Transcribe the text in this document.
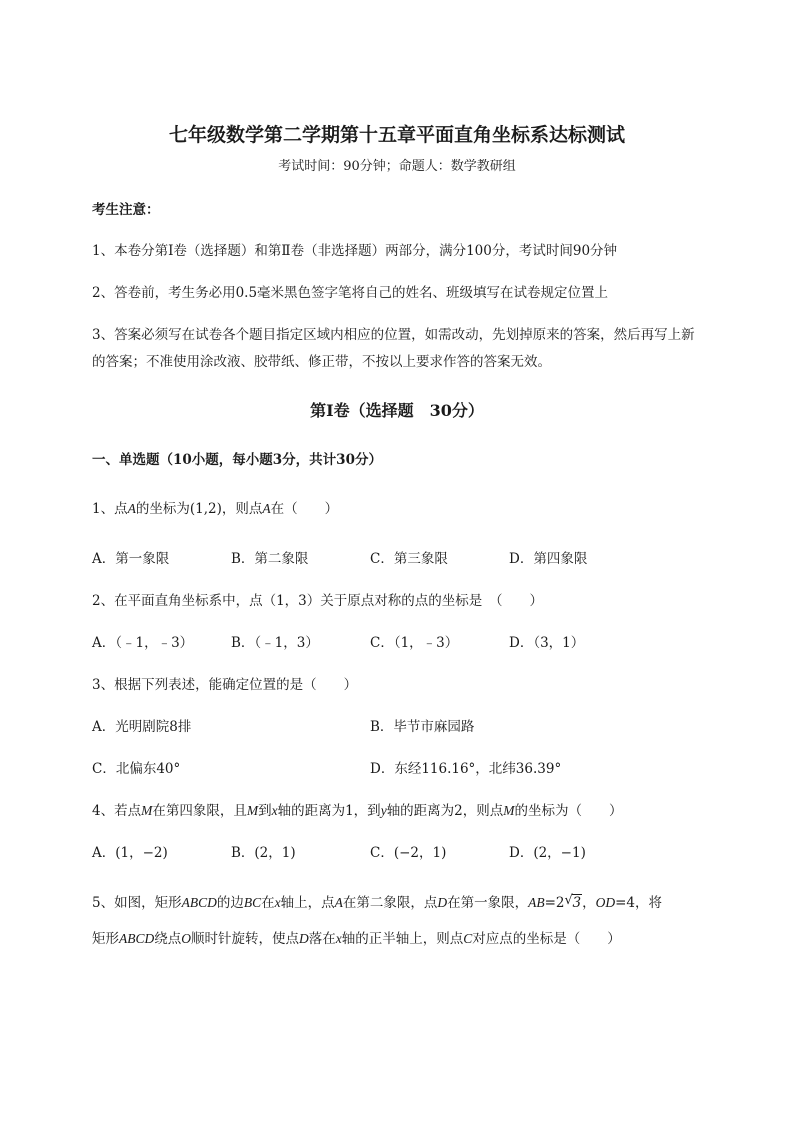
七年级数学第二学期第十五章平面直角坐标系达标测试
考试时间：90分钟；命题人：数学教研组
考生注意：
1、本卷分第I卷（选择题）和第Ⅱ卷（非选择题）两部分，满分100分，考试时间90分钟
2、答卷前，考生务必用0.5毫米黑色签字笔将自己的姓名、班级填写在试卷规定位置上
3、答案必须写在试卷各个题目指定区域内相应的位置，如需改动，先划掉原来的答案，然后再写上新
的答案；不准使用涂改液、胶带纸、修正带，不按以上要求作答的答案无效。
第I卷（选择题　30分）
一、单选题（10小题，每小题3分，共计30分）
1、点A的坐标为(1,2)，则点A在（　　）
A．第一象限	B．第二象限	C．第三象限	D．第四象限
2、在平面直角坐标系中，点（1，3）关于原点对称的点的坐标是　（　　）
A．（﹣1，﹣3）	B．（﹣1，3）	C．（1，﹣3）	D．（3，1）
3、根据下列表述，能确定位置的是（　　）
A．光明剧院8排	B．毕节市麻园路
C．北偏东40°	D．东经116.16°，北纬36.39°
4、若点M在第四象限，且M到x轴的距离为1，到y轴的距离为2，则点M的坐标为（　　）
A．(1，−2)	B．(2，1)	C．(−2，1)	D．(2，−1)
5、如图，矩形ABCD的边BC在x轴上，点A在第二象限，点D在第一象限，AB=2 √ 3，OD=4，将
矩形ABCD绕点O顺时针旋转，使点D落在x轴的正半轴上，则点C对应点的坐标是（　　）
